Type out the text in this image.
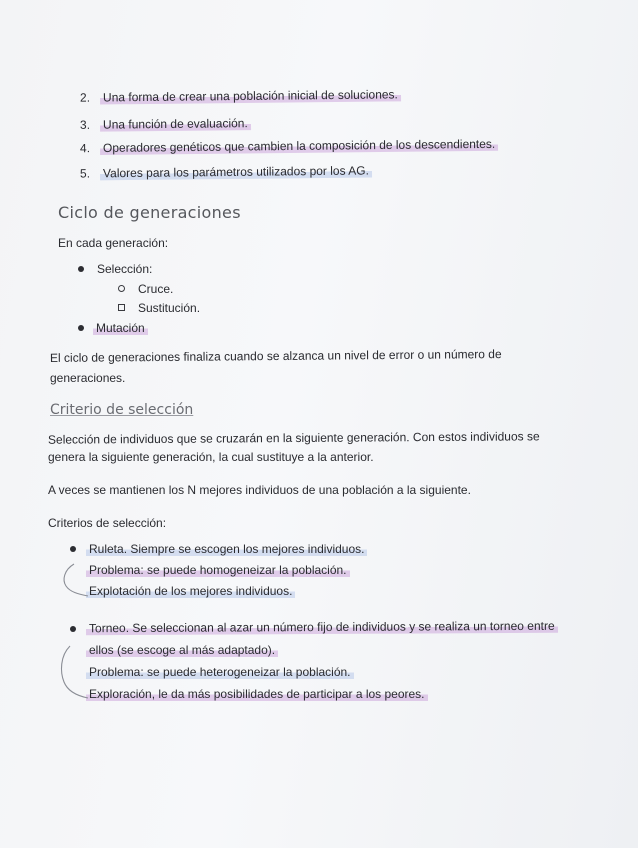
2. Una forma de crear una población inicial de soluciones.
3. Una función de evaluación.
4. Operadores genéticos que cambien la composición de los descendientes.
5. Valores para los parámetros utilizados por los AG.
Ciclo de generaciones
En cada generación:
Selección:
Cruce.
Sustitución.
Mutación
El ciclo de generaciones finaliza cuando se alzanca un nivel de error o un número de
generaciones.
Criterio de selección
Selección de individuos que se cruzarán en la siguiente generación. Con estos individuos se
genera la siguiente generación, la cual sustituye a la anterior.
A veces se mantienen los N mejores individuos de una población a la siguiente.
Criterios de selección:
Ruleta. Siempre se escogen los mejores individuos.
Problema: se puede homogeneizar la población.
Explotación de los mejores individuos.
Torneo. Se seleccionan al azar un número fijo de individuos y se realiza un torneo entre
ellos (se escoge al más adaptado).
Problema: se puede heterogeneizar la población.
Exploración, le da más posibilidades de participar a los peores.
